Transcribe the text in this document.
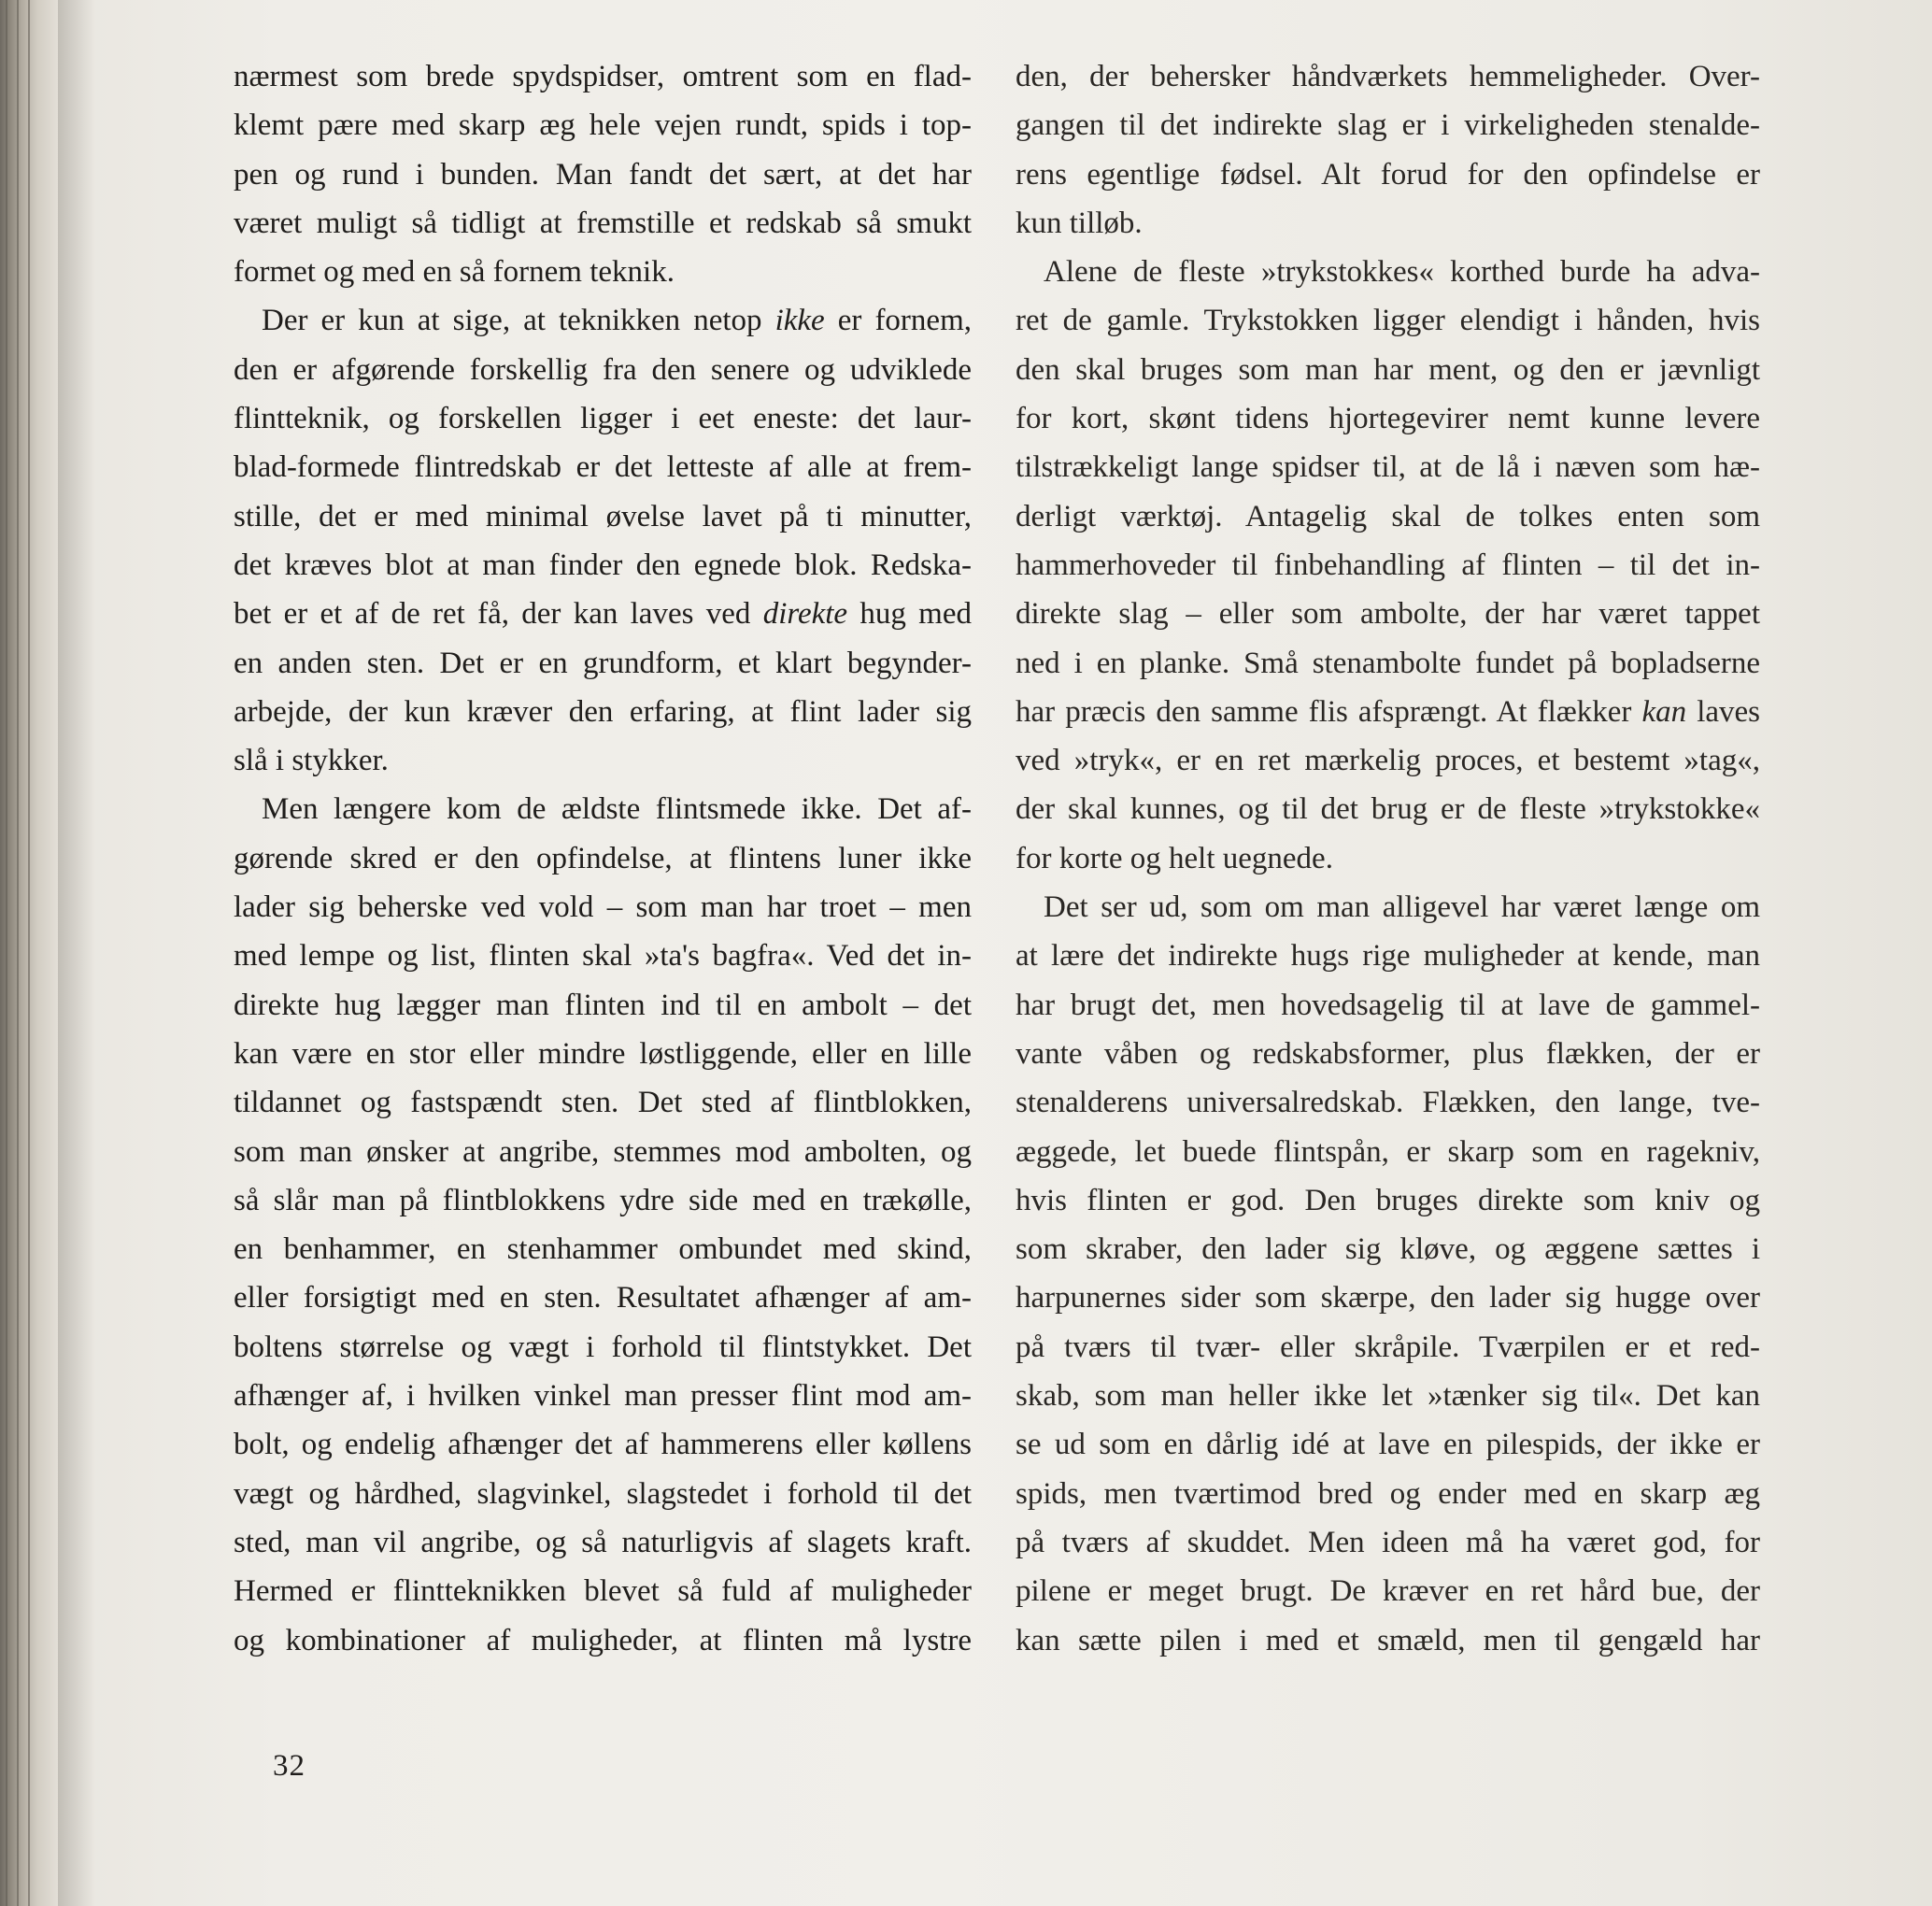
nærmest som brede spydspidser, omtrent som en flad-
klemt pære med skarp æg hele vejen rundt, spids i top-
pen og rund i bunden. Man fandt det sært, at det har
været muligt så tidligt at fremstille et redskab så smukt
formet og med en så fornem teknik.
Der er kun at sige, at teknikken netop ikke er fornem,
den er afgørende forskellig fra den senere og udviklede
flintteknik, og forskellen ligger i eet eneste: det laur-
blad-formede flintredskab er det letteste af alle at frem-
stille, det er med minimal øvelse lavet på ti minutter,
det kræves blot at man finder den egnede blok. Redska-
bet er et af de ret få, der kan laves ved direkte hug med
en anden sten. Det er en grundform, et klart begynder-
arbejde, der kun kræver den erfaring, at flint lader sig
slå i stykker.
Men længere kom de ældste flintsmede ikke. Det af-
gørende skred er den opfindelse, at flintens luner ikke
lader sig beherske ved vold – som man har troet – men
med lempe og list, flinten skal »ta's bagfra«. Ved det in-
direkte hug lægger man flinten ind til en ambolt – det
kan være en stor eller mindre løstliggende, eller en lille
tildannet og fastspændt sten. Det sted af flintblokken,
som man ønsker at angribe, stemmes mod ambolten, og
så slår man på flintblokkens ydre side med en trækølle,
en benhammer, en stenhammer ombundet med skind,
eller forsigtigt med en sten. Resultatet afhænger af am-
boltens størrelse og vægt i forhold til flintstykket. Det
afhænger af, i hvilken vinkel man presser flint mod am-
bolt, og endelig afhænger det af hammerens eller køllens
vægt og hårdhed, slagvinkel, slagstedet i forhold til det
sted, man vil angribe, og så naturligvis af slagets kraft.
Hermed er flintteknikken blevet så fuld af muligheder
og kombinationer af muligheder, at flinten må lystre
den, der behersker håndværkets hemmeligheder. Over-
gangen til det indirekte slag er i virkeligheden stenalde-
rens egentlige fødsel. Alt forud for den opfindelse er
kun tilløb.
Alene de fleste »trykstokkes« korthed burde ha adva-
ret de gamle. Trykstokken ligger elendigt i hånden, hvis
den skal bruges som man har ment, og den er jævnligt
for kort, skønt tidens hjortegevirer nemt kunne levere
tilstrækkeligt lange spidser til, at de lå i næven som hæ-
derligt værktøj. Antagelig skal de tolkes enten som
hammerhoveder til finbehandling af flinten – til det in-
direkte slag – eller som ambolte, der har været tappet
ned i en planke. Små stenambolte fundet på bopladserne
har præcis den samme flis afsprængt. At flækker kan laves
ved »tryk«, er en ret mærkelig proces, et bestemt »tag«,
der skal kunnes, og til det brug er de fleste »trykstokke«
for korte og helt uegnede.
Det ser ud, som om man alligevel har været længe om
at lære det indirekte hugs rige muligheder at kende, man
har brugt det, men hovedsagelig til at lave de gammel-
vante våben og redskabsformer, plus flækken, der er
stenalderens universalredskab. Flækken, den lange, tve-
æggede, let buede flintspån, er skarp som en ragekniv,
hvis flinten er god. Den bruges direkte som kniv og
som skraber, den lader sig kløve, og æggene sættes i
harpunernes sider som skærpe, den lader sig hugge over
på tværs til tvær- eller skråpile. Tværpilen er et red-
skab, som man heller ikke let »tænker sig til«. Det kan
se ud som en dårlig idé at lave en pilespids, der ikke er
spids, men tværtimod bred og ender med en skarp æg
på tværs af skuddet. Men ideen må ha været god, for
pilene er meget brugt. De kræver en ret hård bue, der
kan sætte pilen i med et smæld, men til gengæld har
32
